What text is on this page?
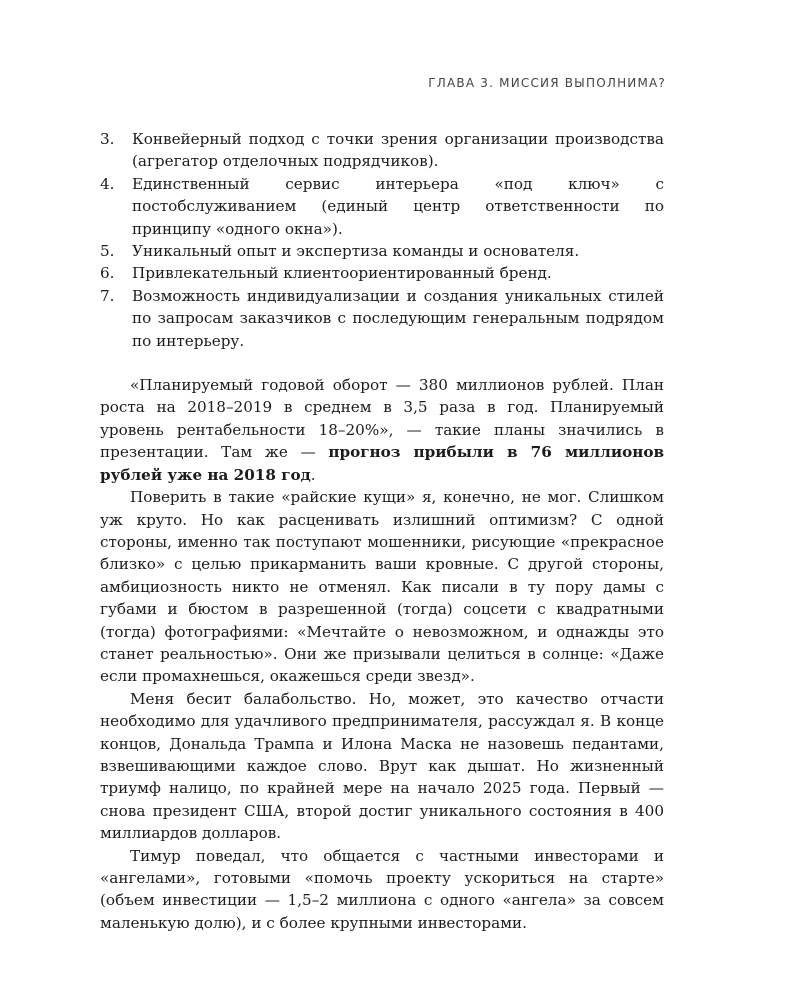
ГЛАВА 3. МИССИЯ ВЫПОЛНИМА?
3. Конвейерный подход с точки зрения организации производства (агрегатор отделочных подрядчиков).
4. Единственный сервис интерьера «под ключ» с постобслуживанием (единый центр ответственности по принципу «одного окна»).
5. Уникальный опыт и экспертиза команды и основателя.
6. Привлекательный клиентоориентированный бренд.
7. Возможность индивидуализации и создания уникальных стилей по запросам заказчиков с последующим генеральным подрядом по интерьеру.

«Планируемый годовой оборот — 380 миллионов рублей. План роста на 2018–2019 в среднем в 3,5 раза в год. Планируемый уровень рентабельности 18–20%», — такие планы значились в презентации. Там же — прогноз прибыли в 76 миллионов рублей уже на 2018 год.

Поверить в такие «райские кущи» я, конечно, не мог. Слишком уж круто. Но как расценивать излишний оптимизм? С одной стороны, именно так поступают мошенники, рисующие «прекрасное близко» с целью прикарманить ваши кровные. С другой стороны, амбициозность никто не отменял. Как писали в ту пору дамы с губами и бюстом в разрешенной (тогда) соцсети с квадратными (тогда) фотографиями: «Мечтайте о невозможном, и однажды это станет реальностью». Они же призывали целиться в солнце: «Даже если промахнешься, окажешься среди звезд».

Меня бесит балабольство. Но, может, это качество отчасти необходимо для удачливого предпринимателя, рассуждал я. В конце концов, Дональда Трампа и Илона Маска не назовешь педантами, взвешивающими каждое слово. Врут как дышат. Но жизненный триумф налицо, по крайней мере на начало 2025 года. Первый — снова президент США, второй достиг уникального состояния в 400 миллиардов долларов.

Тимур поведал, что общается с частными инвесторами и «ангелами», готовыми «помочь проекту ускориться на старте» (объем инвестиции — 1,5–2 миллиона с одного «ангела» за совсем маленькую долю), и с более крупными инвесторами.
